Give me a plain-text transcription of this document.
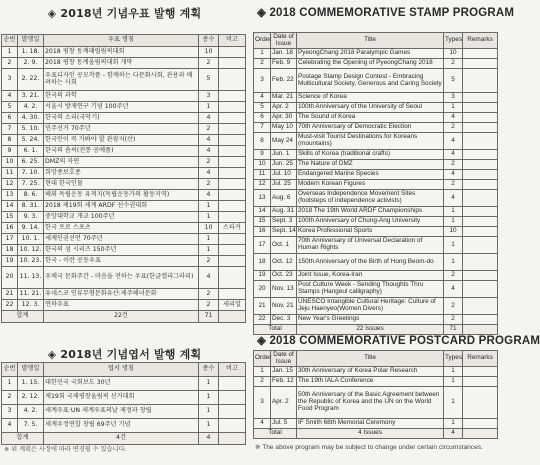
◈ 2018년 기념우표 발행 계획
순번	발행일	우표 명칭	종수	비고
1	1. 18.	2018 평창 동계패럴림픽대회	10	
2	2. 9.	2018 평창 동계올림픽대회 개막	2	
3	2. 22.	우표디자인 공모작품 - 함께하는 다문화사회, 관용과 배려하는 사회	5	
4	3. 21.	한국의 과학	3	
5	4. 2.	서울시 방재연구 기념 100주년	1	
6	4. 30.	한국의 소리(국악기)	4	
7	5. 10.	민주선거 70주년	2	
8	5. 24.	한국인이 꼭 가봐야 할 관광지(산)	4	
9	6. 1.	한국의 솜씨(전통 공예품)	4	
10	6. 25.	DMZ의 자연	2	
11	7. 10.	희망종보호종	4	
12	7. 25.	현대 한국인물	2	
13	8. 6.	해외 독립운동 유적지(독립운동가의 활동지역)	4	
14	8. 31.	2018 제19회 세계 ARDF 선수권대회	1	
15	9. 3.	중앙대학교 개교 100주년	1	
16	9. 14.	한국 프로 스포츠	10	스티커
17	10. 1.	세계인권선언 70주년	1	
18	10. 12.	한국의 섬 시리즈 150주년	1	
19	10. 23.	한국 - 이란 공동우표	2	
20	11. 13.	우체국 문화주간 - 마음을 전하는 우표(한글캘리그라피)	4	
21	11. 21.	유네스코 인류무형문화유산:제주해녀문화	2	
22	12. 3.	연하우표	2	세리얼
합계		22건	71	
◈ 2018년 기념엽서 발행 계획
순번	발행일	엽서 명칭	종수	비고
1	1. 15.	대한민국 국회보도 30년	1	
2	2. 12.	제19회 국제평창올림픽 선거대회	1	
3	4. 2.	세계우표·UN 세계우표의날 제정과 창립	1	
4	7. 5.	세계우정연합 창립 69주년 기념	1	
합계		4건	4	
※ 위 계획은 사정에 따라 변경될 수 있습니다.
◈ 2018 COMMEMORATIVE STAMP PROGRAM
Order	Date of Issue	Title	Types	Remarks
1	Jan. 18	PyeongChang 2018 Paralympic Games	10	
2	Feb. 9	Celebrating the Opening of PyeongChang 2018	2	
3	Feb. 22	Postage Stamp Design Contest - Embracing Multicultural Society, Generous and Caring Society	5	
4	Mar. 21	Science of Korea	3	
5	Apr. 2	100th Anniversary of the University of Seoul	1	
6	Apr. 30	The Sound of Korea	4	
7	May 10	70th Anniversary of Democratic Election	2	
8	May 24	Must-visit Tourist Destinations for Koreans (mountains)	4	
9	Jun. 1	Skills of Korea (traditional crafts)	4	
10	Jun. 25	The Nature of DMZ	2	
11	Jul. 10	Endangered Marine Species	4	
12	Jul. 25	Modern Korean Figures	2	
13	Aug. 6	Overseas Independence Movement Sites (footsteps of independence activists)	4	
14	Aug. 31	2018 The 19th World ARDF Championships	1	
15	Sept. 3	100th Anniversary of Chung-Ang University	1	
16	Sept. 14	Korea Professional Sports	10	
17	Oct. 1	70th Anniversary of Universal Declaration of Human Rights	1	
18	Oct. 12	150th Anniversary of the Birth of Hong Beom-do	1	
19	Oct. 23	Joint Issue, Korea-Iran	2	
20	Nov. 13	Post Culture Week - Sending Thoughts Thru Stamps (Hangeul calligraphy)	4	
21	Nov. 21	UNESCO Intangible Cultural Heritage: Culture of Jeju Haenyeo(Women Divers)	2	
22	Dec. 3	New Year's Greetings	2	
Total		22 Issues	71	
◈ 2018 COMMEMORATIVE POSTCARD PROGRAM
Order	Date of Issue	Title	Types	Remarks
1	Jan. 15	30th Anniversary of Korea Polar Research	1	
2	Feb. 12	The 19th IALA Conference	1	
3	Apr. 2	50th Anniversary of the Basic Agreement between the Republic of Korea and the UN on the World Food Program	1	
4	Jul. 5	IF Smith 68th Memorial Ceremony	1	
Total		4 Issues	4	
※ The above program may be subject to change under certain circumstances.
